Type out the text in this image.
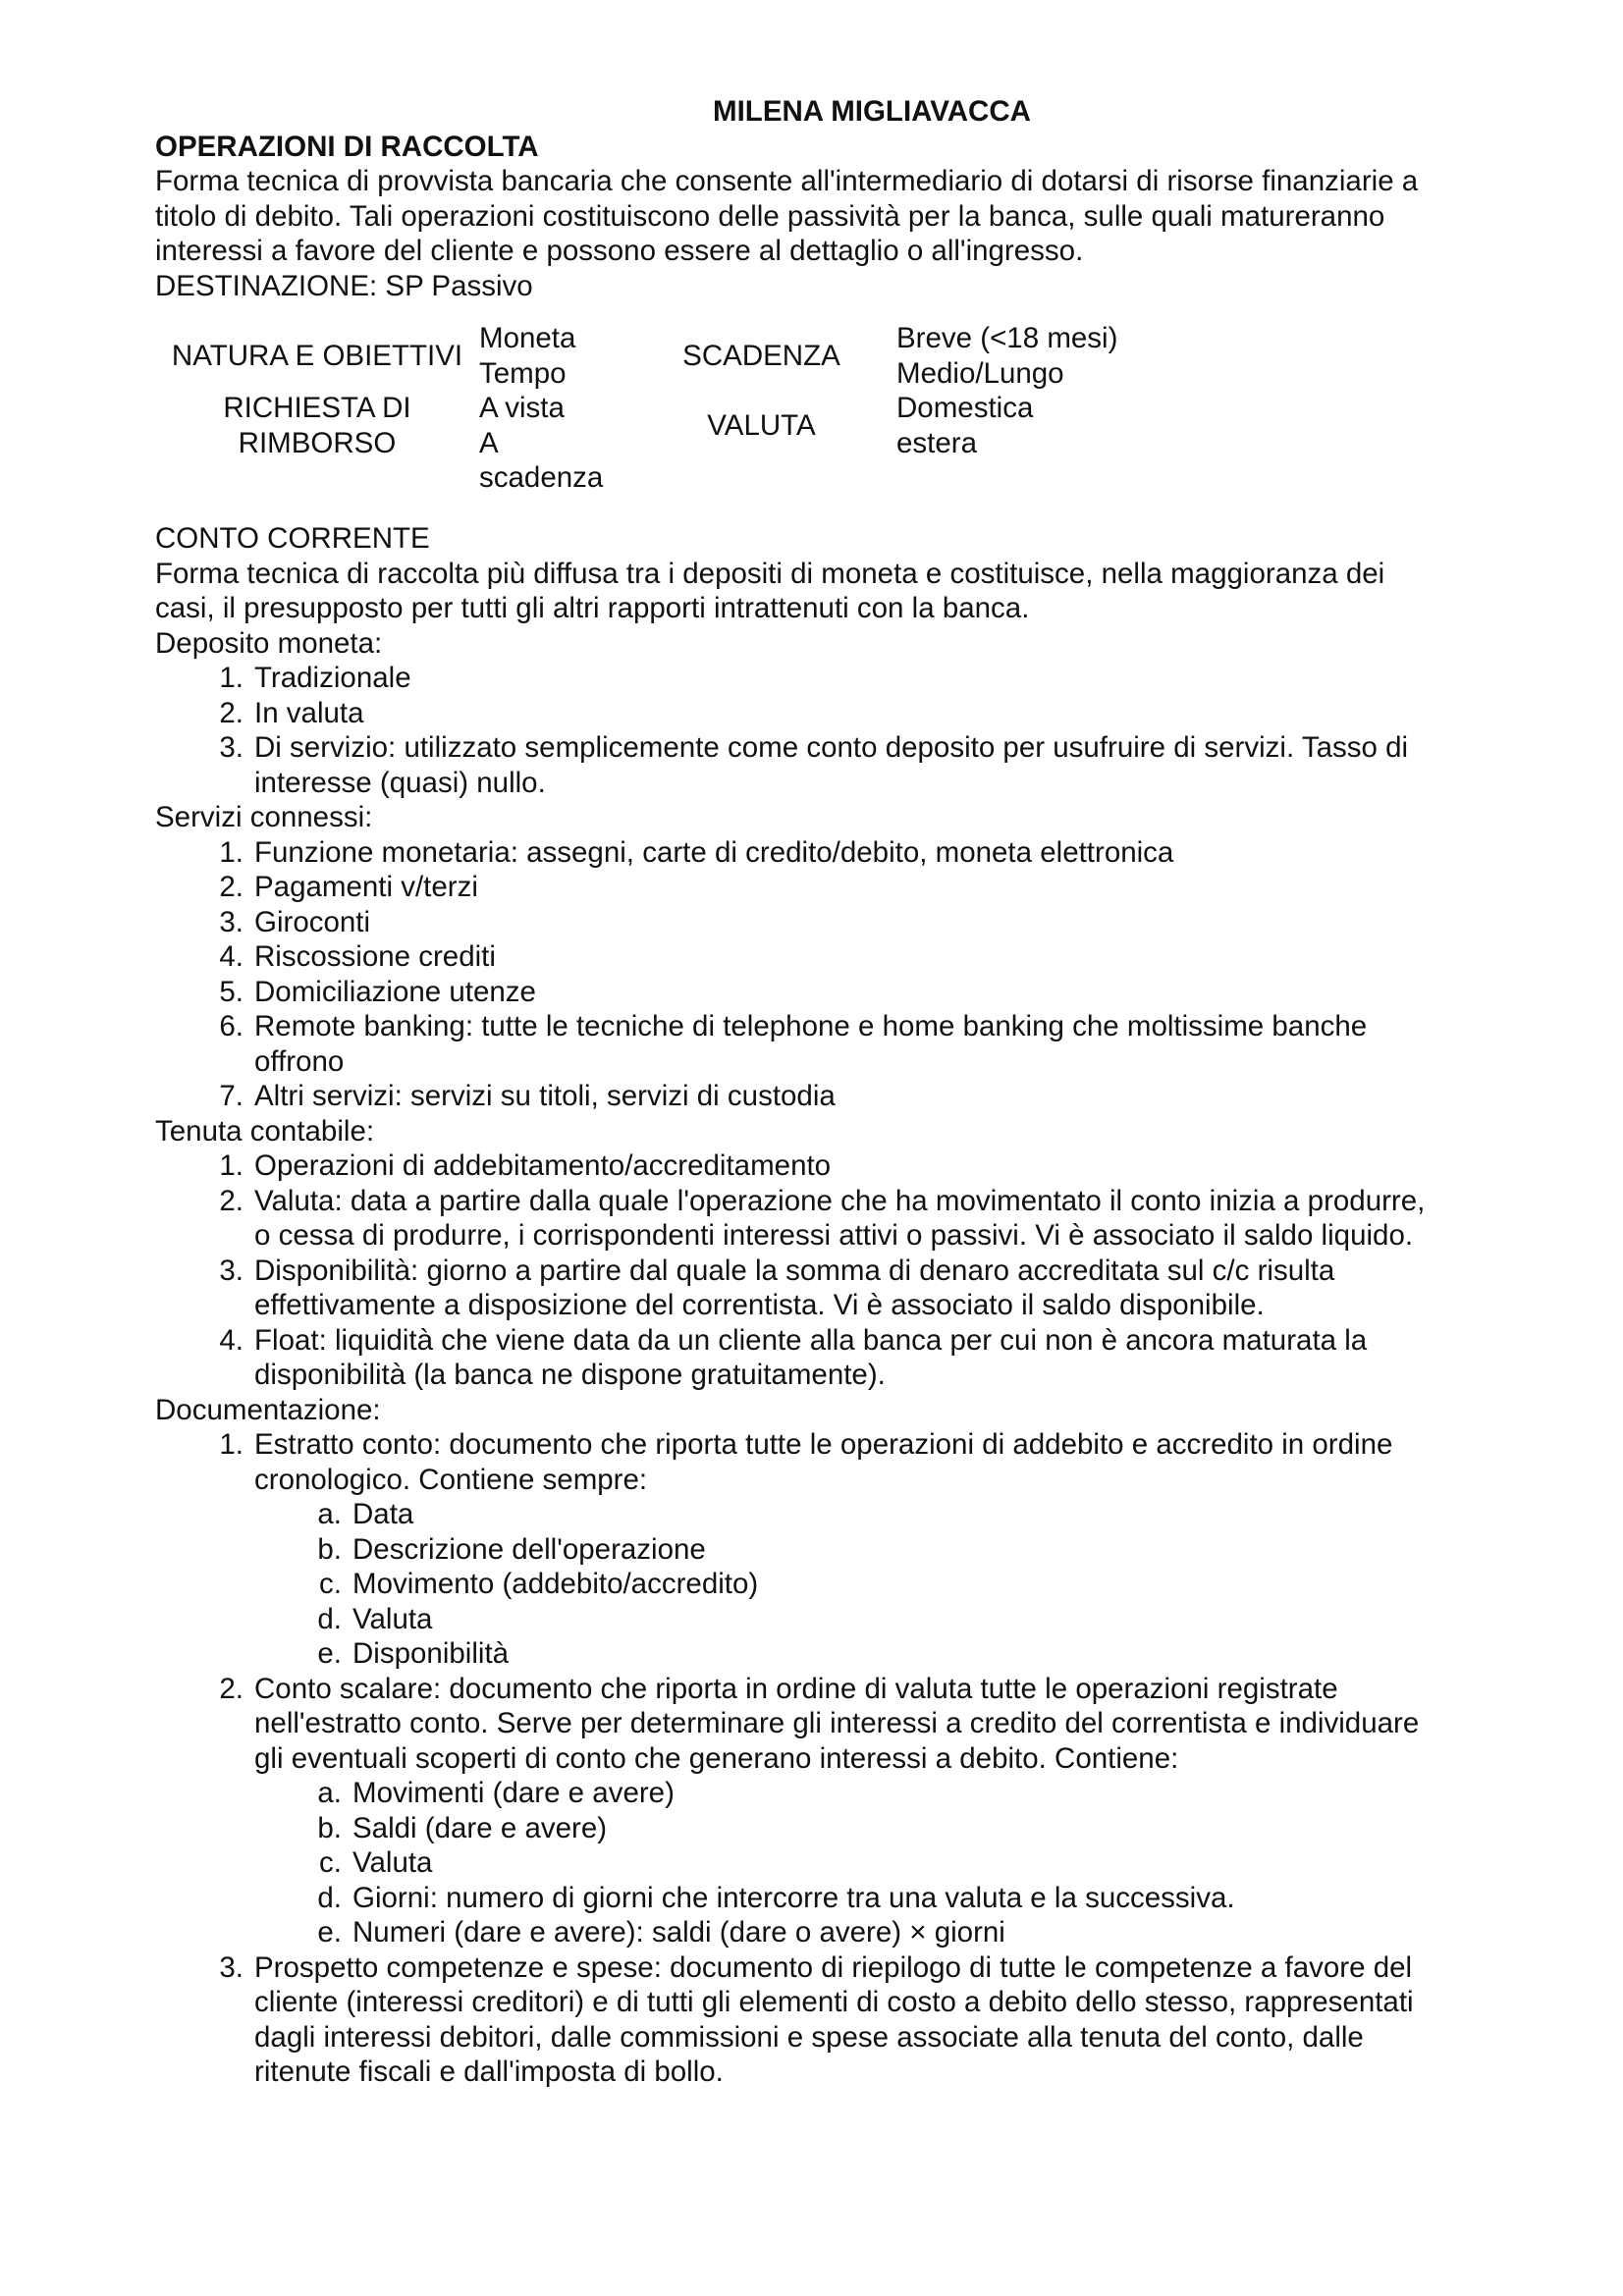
MILENA MIGLIAVACCA
OPERAZIONI DI RACCOLTA

Forma tecnica di provvista bancaria che consente all'intermediario di dotarsi di risorse finanziarie a
titolo di debito. Tali operazioni costituiscono delle passività per la banca, sulle quali matureranno
interessi a favore del cliente e possono essere al dettaglio o all'ingresso.
DESTINAZIONE: SP Passivo

NATURA E OBIETTIVI
Moneta
Tempo
SCADENZA
Breve (<18 mesi)
Medio/Lungo
RICHIESTA DI
RIMBORSO
A vista
A scadenza
VALUTA
Domestica
estera
CONTO CORRENTE

Forma tecnica di raccolta più diffusa tra i depositi di moneta e costituisce, nella maggioranza dei
casi, il presupposto per tutti gli altri rapporti intrattenuti con la banca.

Deposito moneta:
1. Tradizionale
2. In valuta
3. Di servizio: utilizzato semplicemente come conto deposito per usufruire di servizi. Tasso di
interesse (quasi) nullo.
Servizi connessi:
1. Funzione monetaria: assegni, carte di credito/debito, moneta elettronica
2. Pagamenti v/terzi
3. Giroconti
4. Riscossione crediti
5. Domiciliazione utenze
6. Remote banking: tutte le tecniche di telephone e home banking che moltissime banche
offrono
7. Altri servizi: servizi su titoli, servizi di custodia
Tenuta contabile:
1. Operazioni di addebitamento/accreditamento
2. Valuta: data a partire dalla quale l'operazione che ha movimentato il conto inizia a produrre,
o cessa di produrre, i corrispondenti interessi attivi o passivi. Vi è associato il saldo liquido.
3. Disponibilità: giorno a partire dal quale la somma di denaro accreditata sul c/c risulta
effettivamente a disposizione del correntista. Vi è associato il saldo disponibile.
4. Float: liquidità che viene data da un cliente alla banca per cui non è ancora maturata la
disponibilità (la banca ne dispone gratuitamente).
Documentazione:
1. Estratto conto: documento che riporta tutte le operazioni di addebito e accredito in ordine
cronologico. Contiene sempre:
a. Data
b. Descrizione dell'operazione
c. Movimento (addebito/accredito)
d. Valuta
e. Disponibilità
2. Conto scalare: documento che riporta in ordine di valuta tutte le operazioni registrate
nell'estratto conto. Serve per determinare gli interessi a credito del correntista e individuare
gli eventuali scoperti di conto che generano interessi a debito. Contiene:
a. Movimenti (dare e avere)
b. Saldi (dare e avere)
c. Valuta
d. Giorni: numero di giorni che intercorre tra una valuta e la successiva.
e. Numeri (dare e avere): saldi (dare o avere) × giorni
3. Prospetto competenze e spese: documento di riepilogo di tutte le competenze a favore del
cliente (interessi creditori) e di tutti gli elementi di costo a debito dello stesso, rappresentati
dagli interessi debitori, dalle commissioni e spese associate alla tenuta del conto, dalle
ritenute fiscali e dall'imposta di bollo.
